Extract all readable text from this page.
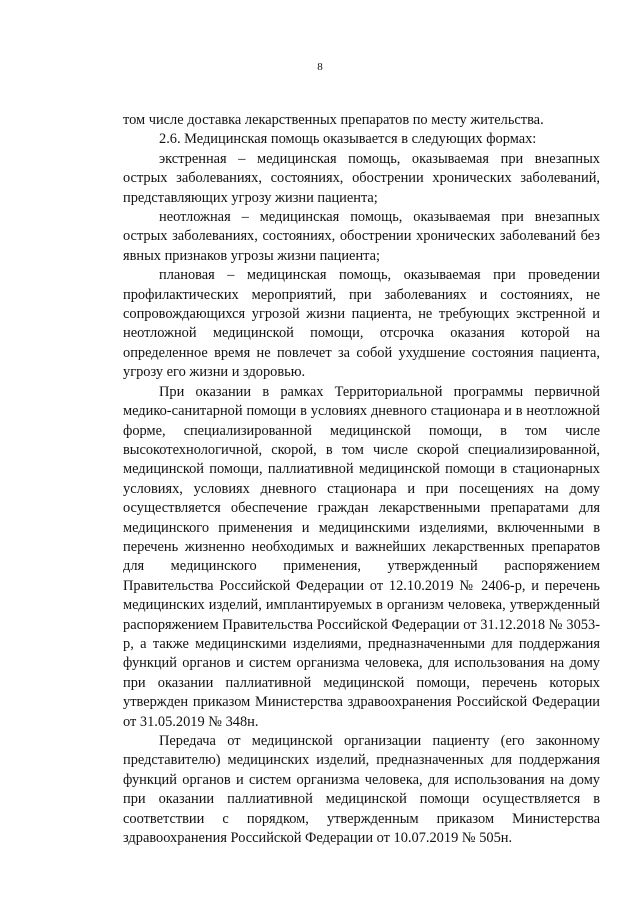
8

том числе доставка лекарственных препаратов по месту жительства.

2.6. Медицинская помощь оказывается в следующих формах:

экстренная – медицинская помощь, оказываемая при внезапных острых заболеваниях, состояниях, обострении хронических заболеваний, представляющих угрозу жизни пациента;

неотложная – медицинская помощь, оказываемая при внезапных острых заболеваниях, состояниях, обострении хронических заболеваний без явных признаков угрозы жизни пациента;

плановая – медицинская помощь, оказываемая при проведении профилактических мероприятий, при заболеваниях и состояниях, не сопровождающихся угрозой жизни пациента, не требующих экстренной и неотложной медицинской помощи, отсрочка оказания которой на определенное время не повлечет за собой ухудшение состояния пациента, угрозу его жизни и здоровью.

При оказании в рамках Территориальной программы первичной медико-санитарной помощи в условиях дневного стационара и в неотложной форме, специализированной медицинской помощи, в том числе высокотехнологичной, скорой, в том числе скорой специализированной, медицинской помощи, паллиативной медицинской помощи в стационарных условиях, условиях дневного стационара и при посещениях на дому осуществляется обеспечение граждан лекарственными препаратами для медицинского применения и медицинскими изделиями, включенными в перечень жизненно необходимых и важнейших лекарственных препаратов для медицинского применения, утвержденный распоряжением Правительства Российской Федерации от 12.10.2019 № 2406-р, и перечень медицинских изделий, имплантируемых в организм человека, утвержденный распоряжением Правительства Российской Федерации от 31.12.2018 № 3053-р, а также медицинскими изделиями, предназначенными для поддержания функций органов и систем организма человека, для использования на дому при оказании паллиативной медицинской помощи, перечень которых утвержден приказом Министерства здравоохранения Российской Федерации от 31.05.2019 № 348н.

Передача от медицинской организации пациенту (его законному представителю) медицинских изделий, предназначенных для поддержания функций органов и систем организма человека, для использования на дому при оказании паллиативной медицинской помощи осуществляется в соответствии с порядком, утвержденным приказом Министерства здравоохранения Российской Федерации от 10.07.2019 № 505н.
